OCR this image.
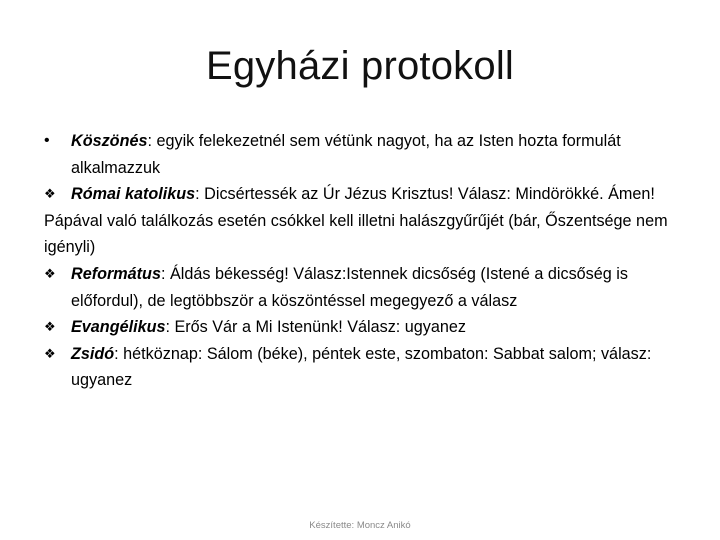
Egyházi protokoll
•	Köszönés: egyik felekezetnél sem vétünk nagyot, ha az Isten hozta formulát alkalmazzuk
❖ Római katolikus: Dicsértessék az Úr Jézus Krisztus! Válasz: Mindörökké. Ámen!
Pápával való találkozás esetén csókkel kell illetni halászgyűrűjét (bár, Őszentsége nem igényli)
❖ Református: Áldás békesség! Válasz:Istennek dicsőség (Istené a dicsőség is előfordul), de legtöbbször a köszöntéssel megegyező a válasz
❖ Evangélikus: Erős Vár a Mi Istenünk! Válasz: ugyanez
❖ Zsidó: hétköznap: Sálom (béke), péntek este, szombaton: Sabbat salom; válasz: ugyanez
Készítette: Moncz Anikó
